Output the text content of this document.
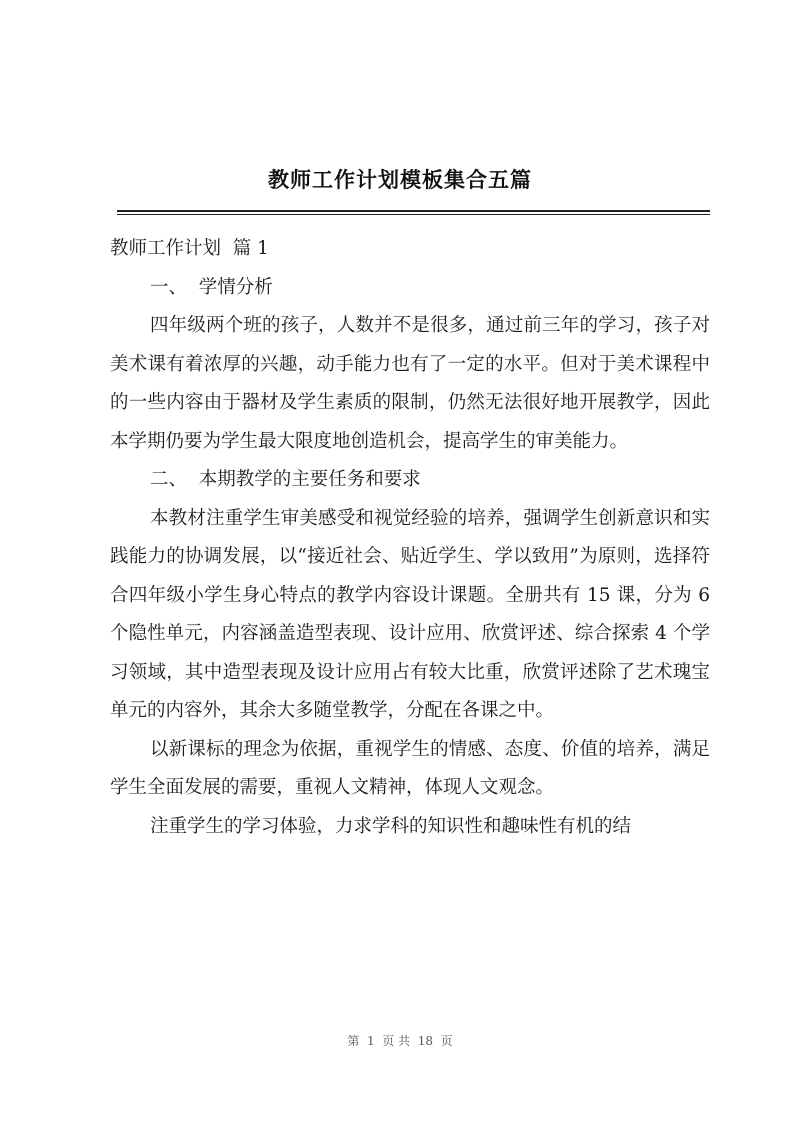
教师工作计划模板集合五篇

教师工作计划  篇 1

一、  学情分析

四年级两个班的孩子，人数并不是很多，通过前三年的学习，孩子对美术课有着浓厚的兴趣，动手能力也有了一定的水平。但对于美术课程中的一些内容由于器材及学生素质的限制，仍然无法很好地开展教学，因此本学期仍要为学生最大限度地创造机会，提高学生的审美能力。

二、  本期教学的主要任务和要求

本教材注重学生审美感受和视觉经验的培养，强调学生创新意识和实践能力的协调发展，以“接近社会、贴近学生、学以致用”为原则，选择符合四年级小学生身心特点的教学内容设计课题。全册共有 15 课，分为 6 个隐性单元，内容涵盖造型表现、设计应用、欣赏评述、综合探索 4 个学习领域，其中造型表现及设计应用占有较大比重，欣赏评述除了艺术瑰宝单元的内容外，其余大多随堂教学，分配在各课之中。

以新课标的理念为依据，重视学生的情感、态度、价值的培养，满足学生全面发展的需要，重视人文精神，体现人文观念。

注重学生的学习体验，力求学科的知识性和趣味性有机的结

第  1  页 共  18  页
